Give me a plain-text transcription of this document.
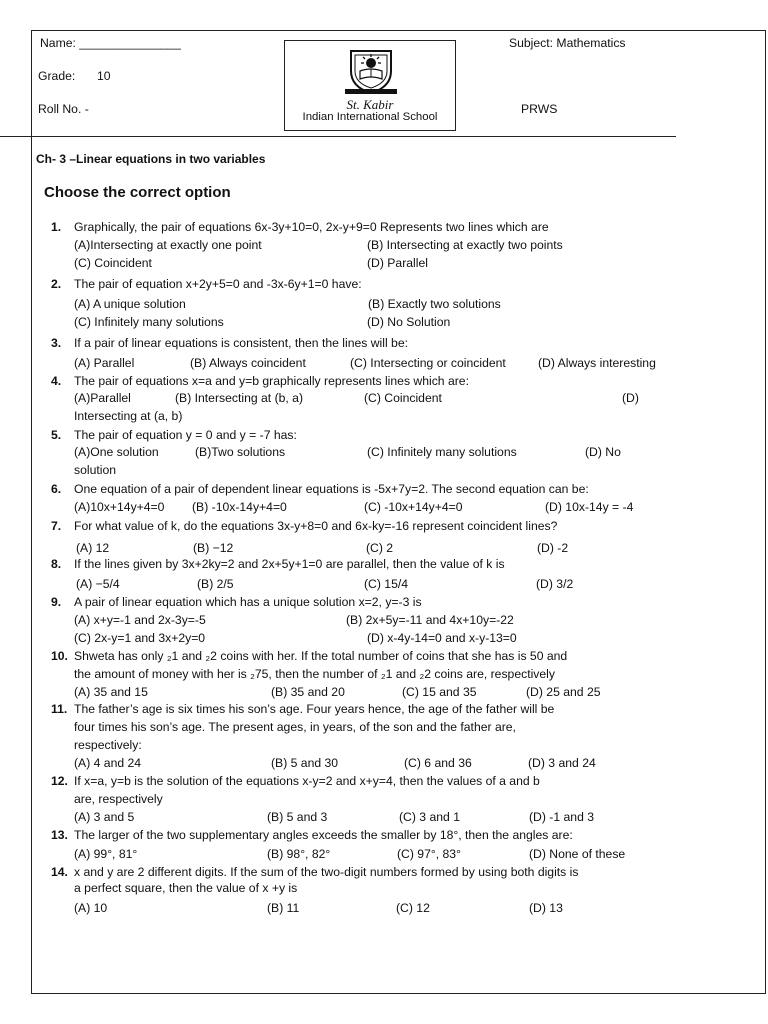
Name: _______________
Grade: 10
Roll No. -
Subject: Mathematics
PRWS
St. Kabir
Indian International School
Ch- 3 –Linear equations in two variables
Choose the correct option
1. Graphically, the pair of equations 6x-3y+10=0, 2x-y+9=0 Represents two lines which are
(A)Intersecting at exactly one point	(B) Intersecting at exactly two points
(C) Coincident	(D) Parallel
2. The pair of equation x+2y+5=0 and -3x-6y+1=0 have:
(A) A unique solution	(B) Exactly two solutions
(C) Infinitely many solutions	(D) No Solution
3. If a pair of linear equations is consistent, then the lines will be:
(A) Parallel	(B) Always coincident	(C) Intersecting or coincident	(D) Always interesting
4. The pair of equations x=a and y=b graphically represents lines which are:
(A)Parallel	(B) Intersecting at (b, a)	(C) Coincident	(D)
Intersecting at (a, b)
5. The pair of equation y = 0 and y = -7 has:
(A)One solution	(B)Two solutions	(C) Infinitely many solutions	(D) No
solution
6. One equation of a pair of dependent linear equations is -5x+7y=2. The second equation can be:
(A)10x+14y+4=0 (B) -10x-14y+4=0	(C) -10x+14y+4=0	(D) 10x-14y = -4
7. For what value of k, do the equations 3x-y+8=0 and 6x-ky=-16 represent coincident lines?
(A) 12	(B) −12	(C) 2	(D) -2
8. If the lines given by 3x+2ky=2 and 2x+5y+1=0 are parallel, then the value of k is
(A) −5/4	(B) 2/5	(C) 15/4	(D) 3/2
9. A pair of linear equation which has a unique solution x=2, y=-3 is
(A) x+y=-1 and 2x-3y=-5	(B) 2x+5y=-11 and 4x+10y=-22
(C) 2x-y=1 and 3x+2y=0	(D) x-4y-14=0 and x-y-13=0
10. Shweta has only ₂1 and ₂2 coins with her. If the total number of coins that she has is 50 and
the amount of money with her is ₂75, then the number of ₂1 and ₂2 coins are, respectively
(A) 35 and 15	(B) 35 and 20	(C) 15 and 35	(D) 25 and 25
11. The father’s age is six times his son’s age. Four years hence, the age of the father will be
four times his son’s age. The present ages, in years, of the son and the father are,
respectively:
(A) 4 and 24	(B) 5 and 30	(C) 6 and 36	(D) 3 and 24
12. If x=a, y=b is the solution of the equations x-y=2 and x+y=4, then the values of a and b
are, respectively
(A) 3 and 5	(B) 5 and 3	(C) 3 and 1	(D) -1 and 3
13. The larger of the two supplementary angles exceeds the smaller by 18°, then the angles are:
(A) 99°, 81°	(B) 98°, 82°	(C) 97°, 83°	(D) None of these
14. x and y are 2 different digits. If the sum of the two-digit numbers formed by using both digits is
a perfect square, then the value of x +y is
(A) 10	(B) 11	(C) 12	(D) 13
